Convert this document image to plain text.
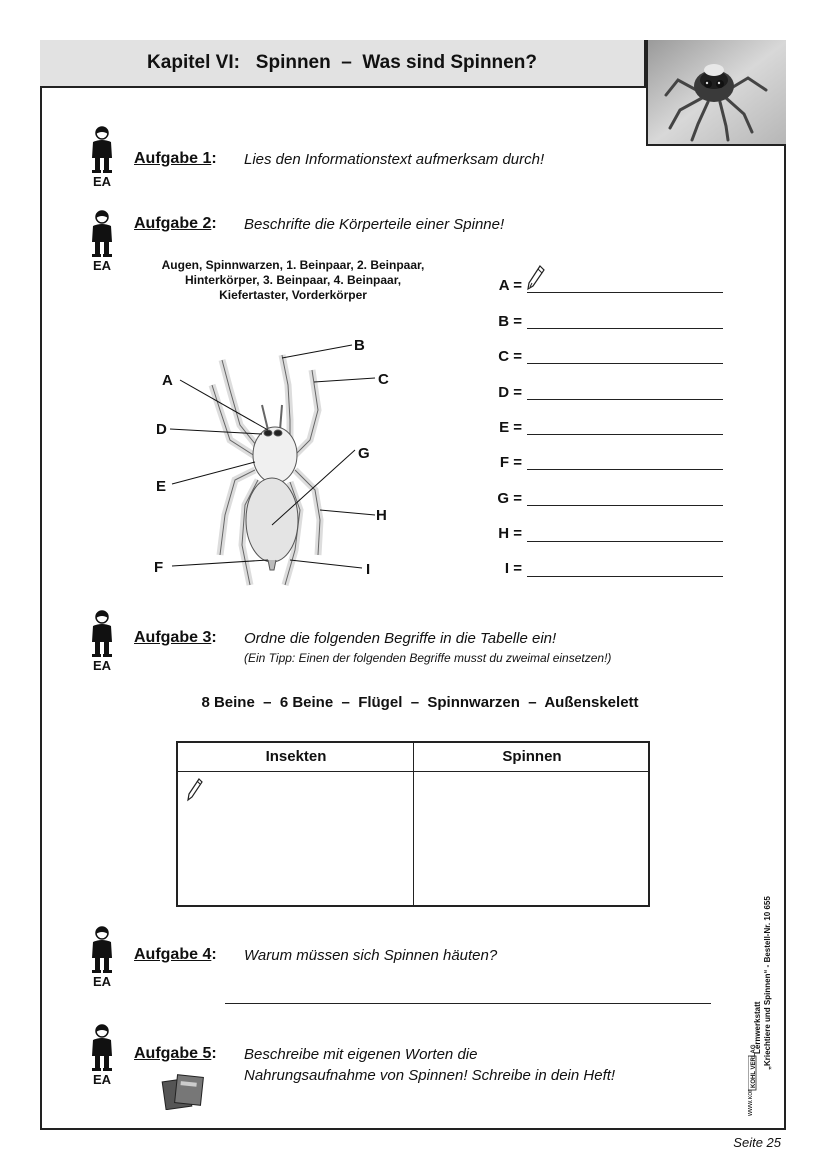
Kapitel VI:   Spinnen  –  Was sind Spinnen?
EA
Aufgabe 1: Lies den Informationstext aufmerksam durch!
EA
Aufgabe 2: Beschrifte die Körperteile einer Spinne!
Augen, Spinnwarzen, 1. Beinpaar, 2. Beinpaar,
Hinterkörper, 3. Beinpaar, 4. Beinpaar,
Kiefertaster, Vorderkörper
A
B
C
D
E
G
H
F	I
A =
B =
C =
D =
E =
F =
G =
H =
I =
EA
Aufgabe 3: Ordne die folgenden Begriffe in die Tabelle ein!
(Ein Tipp: Einen der folgenden Begriffe musst du zweimal einsetzen!)
8 Beine  –  6 Beine  –  Flügel  –  Spinnwarzen  –  Außenskelett
Insekten	Spinnen
EA
Aufgabe 4: Warum müssen sich Spinnen häuten?
EA
Aufgabe 5: Beschreibe mit eigenen Worten die
Nahrungsaufnahme von Spinnen! Schreibe in dein Heft!
Lernwerkstatt „Kriechtiere und Spinnen“ - Bestell-Nr. 10 655
KOHL VERLAG
Seite 25
